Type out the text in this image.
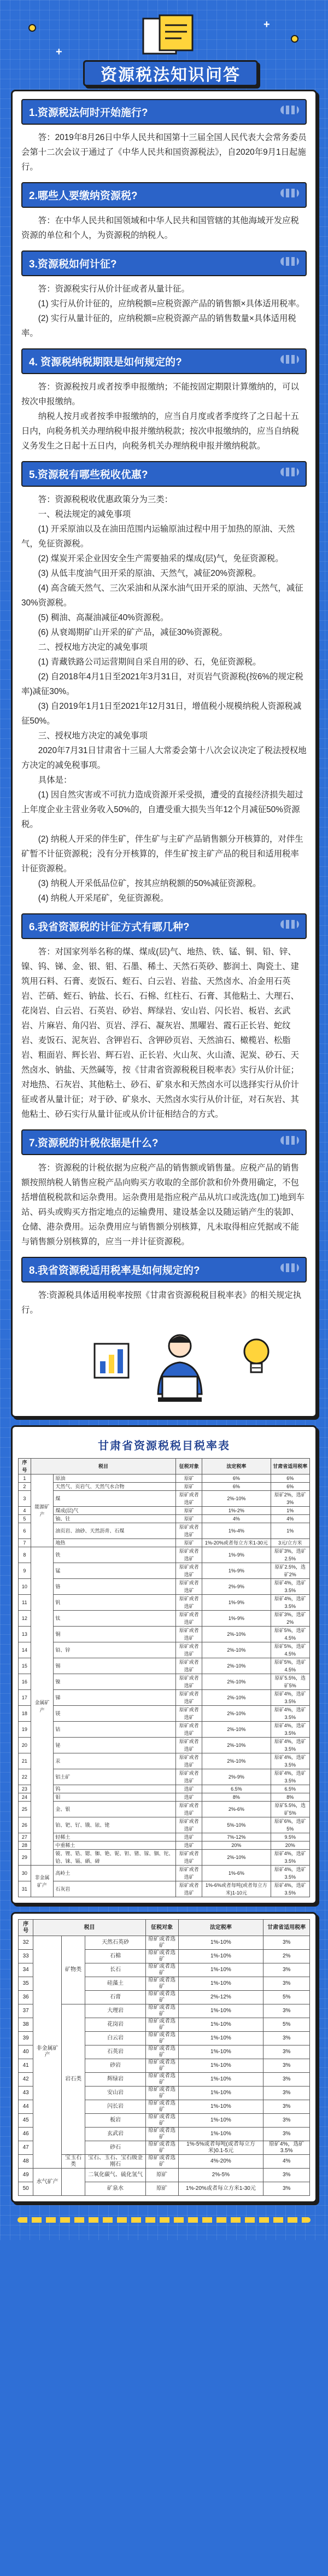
+
+
资源税法知识问答
1.资源税法何时开始施行?

答：2019年8月26日中华人民共和国第十三届全国人民代表大会常务委员会第十二次会议于通过了《中华人民共和国资源税法》，自2020年9月1日起施行。

2.哪些人要缴纳资源税?

答：在中华人民共和国领域和中华人民共和国管辖的其他海域开发应税资源的单位和个人，为资源税的纳税人。

3.资源税如何计征?

答：资源税实行从价计征或者从量计征。

(1) 实行从价计征的，应纳税额=应税资源产品的销售额×具体适用税率。

(2) 实行从量计征的，应纳税额=应税资源产品的销售数量×具体适用税率。

4. 资源税纳税期限是如何规定的?

答：资源税按月或者按季申报缴纳；不能按固定期限计算缴纳的，可以按次申报缴纳。

纳税人按月或者按季申报缴纳的，应当自月度或者季度终了之日起十五日内，向税务机关办理纳税申报并缴纳税款；按次申报缴纳的，应当自纳税义务发生之日起十五日内，向税务机关办理纳税申报并缴纳税款。

5.资源税有哪些税收优惠?

答：资源税税收优惠政策分为三类：

一、税法规定的减免事项

(1) 开采原油以及在油田范围内运输原油过程中用于加热的原油、天然气，免征资源税。

(2) 煤炭开采企业因安全生产需要抽采的煤成(层)气，免征资源税。

(3) 从低丰度油气田开采的原油、天然气，减征20%资源税。

(4) 高含硫天然气、三次采油和从深水油气田开采的原油、天然气，减征30%资源税。

(5) 稠油、高凝油减征40%资源税。

(6) 从衰竭期矿山开采的矿产品，减征30%资源税。

二、授权地方决定的减免事项

(1) 青藏铁路公司运营期间自采自用的砂、石，免征资源税。

(2) 自2018年4月1日至2021年3月31日，对页岩气资源税(按6%的规定税率)减征30%。

(3) 自2019年1月1日至2021年12月31日，增值税小规模纳税人资源税减征50%。

三、授权地方决定的减免事项

2020年7月31日甘肃省十三届人大常委会第十八次会议决定了税法授权地方决定的减免税事项。

具体是：

(1) 因自然灾害或不可抗力造成资源开采受损，遭受的直接经济损失超过上年度企业主营业务收入50%的，自遭受重大损失当年12个月减征50%资源税。

(2) 纳税人开采的伴生矿，伴生矿与主矿产品销售额分开核算的，对伴生矿暂不计征资源税；没有分开核算的，伴生矿按主矿产品的税目和适用税率计征资源税。

(3) 纳税人开采低品位矿，按其应纳税额的50%减征资源税。

(4) 纳税人开采尾矿，免征资源税。

6.我省资源税的计征方式有哪几种?

答：对国家列举名称的煤、煤成(层)气、地热、铁、锰、铜、铅、锌、镍、钨、锑、金、银、钼、石墨、稀土、天然石英砂、膨润土、陶瓷土、建筑用石料、石膏、麦饭石、蛭石、白云岩、岩盐、天然卤水、冶金用石英岩、芒硝、蛭石、钠盐、长石、石棉、红柱石、石膏、其他粘土、大理石、花岗岩、白云岩、石英岩、砂岩、辉绿岩、安山岩、闪长岩、板岩、玄武岩、片麻岩、角闪岩、页岩、浮石、凝灰岩、黑曜岩、霞石正长岩、蛇纹岩、麦饭石、泥灰岩、含钾岩石、含钾砂页岩、天然油石、橄榄岩、松脂岩、粗面岩、辉长岩、辉石岩、正长岩、火山灰、火山渣、泥炭、砂石、天然卤水、钠盐、天然碱等，按《甘肃省资源税税目税率表》实行从价计征；对地热、石灰岩、其他粘土、砂石、矿泉水和天然卤水可以选择实行从价计征或者从量计征；对于砂、矿泉水、天然卤水实行从价计征，对石灰岩、其他粘土、砂石实行从量计征或从价计征相结合的方式。

7.资源税的计税依据是什么?

答：资源税的计税依据为应税产品的销售额或销售量。应税产品的销售额按照纳税人销售应税产品向购买方收取的全部价款和价外费用确定，不包括增值税税款和运杂费用。运杂费用是指应税产品从坑口或洗选(加工)地到车站、码头或购买方指定地点的运输费用、建设基金以及随运销产生的装卸、仓储、港杂费用。运杂费用应与销售额分别核算，凡未取得相应凭据或不能与销售额分别核算的，应当一并计征资源税。

8.我省资源税适用税率是如何规定的?

答:资源税具体适用税率按照《甘肃省资源税税目税率表》的相关规定执行。

甘肃省资源税税目税率表
序号	税目		征税对象	法定税率	甘肃省适用税率
1	能源矿产	原油	原矿	6%	6%
2		天然气、页岩气、天然气水合物	原矿	6%	6%
3		煤	原矿或者选矿	2%-10%	原矿2%，选矿3%
4		煤成(层)气	原矿	1%-2%	1%
5		铀、钍	原矿	4%	4%
6		油页岩、油砂、天然沥青、石煤	原矿或者选矿	1%-4%	1%
7		地热	原矿	1%-20%或者每立方米1-30元	3元/立方米
8	金属矿产	铁	原矿或者选矿	1%-9%	原矿3%，选矿2.5%
9		锰	原矿或者选矿	1%-9%	原矿2.5%，选矿2%
10		铬	原矿或者选矿	2%-9%	原矿4%，选矿3.5%
11		钒	原矿或者选矿	1%-9%	原矿4%，选矿3.5%
12		钛	原矿或者选矿	1%-9%	原矿3%，选矿2%
13		铜	原矿或者选矿	2%-10%	原矿5%，选矿4.5%
14		铅、锌	原矿或者选矿	2%-10%	原矿5%，选矿4.5%
15		锡	原矿或者选矿	2%-10%	原矿5%，选矿4.5%
16		镍	原矿或者选矿	2%-10%	原矿5.5%，选矿5%
17		锑	原矿或者选矿	2%-10%	原矿4%，选矿3.5%
18		镁	原矿或者选矿	2%-10%	原矿4%，选矿3.5%
19		钴	原矿或者选矿	2%-10%	原矿4%，选矿3.5%
20		铋	原矿或者选矿	2%-10%	原矿4%，选矿3.5%
21		汞	原矿或者选矿	2%-10%	原矿4%，选矿3.5%
22		铝土矿	原矿或者选矿	2%-9%	原矿4%，选矿3.5%
23		钨	选矿	6.5%	6.5%
24		钼	选矿	8%	8%
25		金、银	原矿或者选矿	2%-6%	原矿5.5%，选矿5%
26		铂、钯、钌、锇、铱、铑	原矿或者选矿	5%-10%	原矿6%，选矿5%
27		轻稀土	选矿	7%-12%	9.5%
28		中重稀土	选矿	20%	20%
29		铍、锂、锆、锶、铷、铯、铌、钽、锗、镓、铟、铊、铪、铼、镉、硒、碲	原矿或者选矿	2%-10%	原矿4%，选矿3.5%
30	非金属矿产	高岭土	原矿或者选矿	1%-6%	原矿4%，选矿3.5%
31		石灰岩	原矿或者选矿	1%-6%或者每吨(或者每立方米)1-10元	原矿4%，选矿3.5%
序号	税目			征税对象	法定税率	甘肃省适用税率
32	非金属矿产	矿物类	天然石英砂	原矿或者选矿	1%-10%	3%
33			石棉	原矿或者选矿	1%-10%	2%
34			长石	原矿或者选矿	1%-10%	3%
35			硅藻土	原矿或者选矿	1%-10%	3%
36			石膏	原矿或者选矿	2%-12%	5%
37		岩石类	大理岩	原矿或者选矿	1%-10%	3%
38			花岗岩	原矿或者选矿	1%-10%	5%
39			白云岩	原矿或者选矿	1%-10%	3%
40			石英岩	原矿或者选矿	1%-10%	3%
41			砂岩	原矿或者选矿	1%-10%	3%
42			辉绿岩	原矿或者选矿	1%-10%	3%
43			安山岩	原矿或者选矿	1%-10%	3%
44			闪长岩	原矿或者选矿	1%-10%	3%
45			板岩	原矿或者选矿	1%-10%	3%
46			玄武岩	原矿或者选矿	1%-10%	3%
47			砂石	原矿或者选矿	1%-5%或者每吨(或者每立方米)0.1-5元	原矿4%，选矿3.5%
48		宝玉石类	宝石、玉石、宝石级金刚石	原矿或者选矿	4%-20%	4%
49	水气矿产		二氧化碳气、硫化氢气	原矿	2%-5%	3%
50			矿泉水	原矿	1%-20%或者每立方米1-30元	3%
